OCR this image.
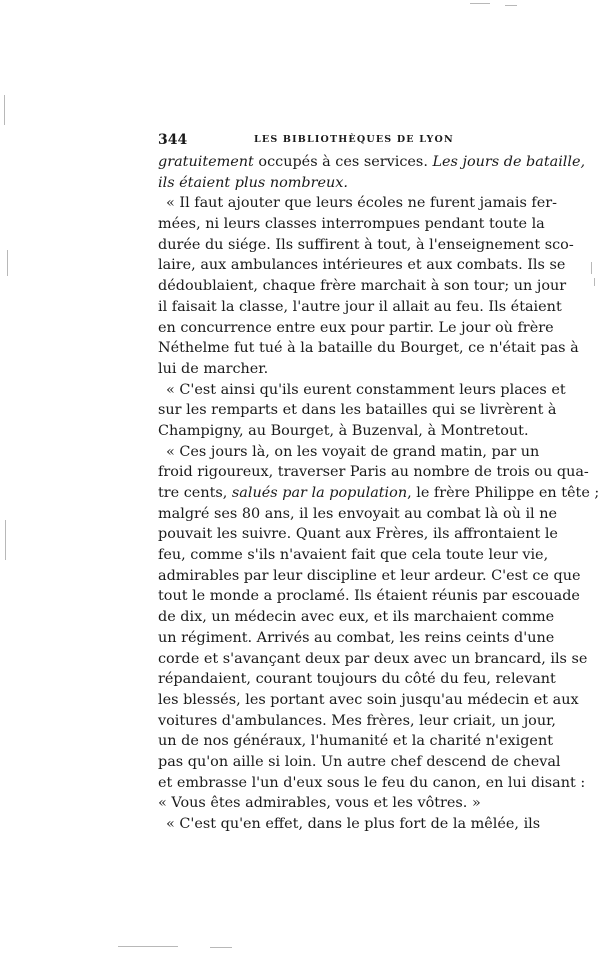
344	LES BIBLIOTHÈQUES DE LYON
gratuitement occupés à ces services. Les jours de bataille,
ils étaient plus nombreux.
« Il faut ajouter que leurs écoles ne furent jamais fer-
mées, ni leurs classes interrompues pendant toute la
durée du siége. Ils suffirent à tout, à l'enseignement sco-
laire, aux ambulances intérieures et aux combats. Ils se
dédoublaient, chaque frère marchait à son tour; un jour
il faisait la classe, l'autre jour il allait au feu. Ils étaient
en concurrence entre eux pour partir. Le jour où frère
Néthelme fut tué à la bataille du Bourget, ce n'était pas à
lui de marcher.
« C'est ainsi qu'ils eurent constamment leurs places et
sur les remparts et dans les batailles qui se livrèrent à
Champigny, au Bourget, à Buzenval, à Montretout.
« Ces jours là, on les voyait de grand matin, par un
froid rigoureux, traverser Paris au nombre de trois ou qua-
tre cents, salués par la population, le frère Philippe en tête ;
malgré ses 80 ans, il les envoyait au combat là où il ne
pouvait les suivre. Quant aux Frères, ils affrontaient le
feu, comme s'ils n'avaient fait que cela toute leur vie,
admirables par leur discipline et leur ardeur. C'est ce que
tout le monde a proclamé. Ils étaient réunis par escouade
de dix, un médecin avec eux, et ils marchaient comme
un régiment. Arrivés au combat, les reins ceints d'une
corde et s'avançant deux par deux avec un brancard, ils se
répandaient, courant toujours du côté du feu, relevant
les blessés, les portant avec soin jusqu'au médecin et aux
voitures d'ambulances. Mes frères, leur criait, un jour,
un de nos généraux, l'humanité et la charité n'exigent
pas qu'on aille si loin. Un autre chef descend de cheval
et embrasse l'un d'eux sous le feu du canon, en lui disant :
« Vous êtes admirables, vous et les vôtres. »
« C'est qu'en effet, dans le plus fort de la mêlée, ils
